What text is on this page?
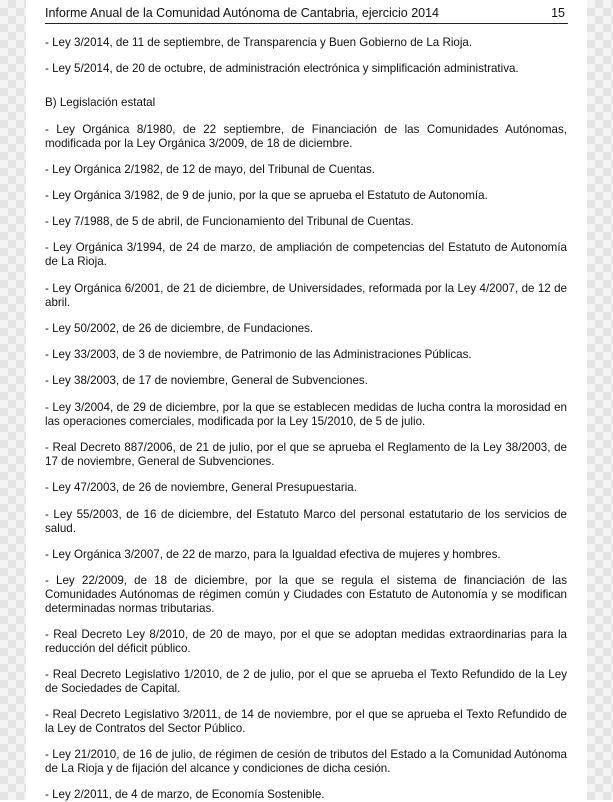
Informe Anual de la Comunidad Autónoma de Cantabria, ejercicio 2014	15

- Ley 3/2014, de 11 de septiembre, de Transparencia y Buen Gobierno de La Rioja.

- Ley 5/2014, de 20 de octubre, de administración electrónica y simplificación administrativa.

B) Legislación estatal

- Ley Orgánica 8/1980, de 22 septiembre, de Financiación de las Comunidades Autónomas, modificada por la Ley Orgánica 3/2009, de 18 de diciembre.

- Ley Orgánica 2/1982, de 12 de mayo, del Tribunal de Cuentas.

- Ley Orgánica 3/1982, de 9 de junio, por la que se aprueba el Estatuto de Autonomía.

- Ley 7/1988, de 5 de abril, de Funcionamiento del Tribunal de Cuentas.

- Ley Orgánica 3/1994, de 24 de marzo, de ampliación de competencias del Estatuto de Autonomía de La Rioja.

- Ley Orgánica 6/2001, de 21 de diciembre, de Universidades, reformada por la Ley 4/2007, de 12 de abril.

- Ley 50/2002, de 26 de diciembre, de Fundaciones.

- Ley 33/2003, de 3 de noviembre, de Patrimonio de las Administraciones Públicas.

- Ley 38/2003, de 17 de noviembre, General de Subvenciones.

- Ley 3/2004, de 29 de diciembre, por la que se establecen medidas de lucha contra la morosidad en las operaciones comerciales, modificada por la Ley 15/2010, de 5 de julio.

- Real Decreto 887/2006, de 21 de julio, por el que se aprueba el Reglamento de la Ley 38/2003, de 17 de noviembre, General de Subvenciones.

- Ley 47/2003, de 26 de noviembre, General Presupuestaria.

- Ley 55/2003, de 16 de diciembre, del Estatuto Marco del personal estatutario de los servicios de salud.

- Ley Orgánica 3/2007, de 22 de marzo, para la Igualdad efectiva de mujeres y hombres.

- Ley 22/2009, de 18 de diciembre, por la que se regula el sistema de financiación de las Comunidades Autónomas de régimen común y Ciudades con Estatuto de Autonomía y se modifican determinadas normas tributarias.

- Real Decreto Ley 8/2010, de 20 de mayo, por el que se adoptan medidas extraordinarias para la reducción del déficit público.

- Real Decreto Legislativo 1/2010, de 2 de julio, por el que se aprueba el Texto Refundido de la Ley de Sociedades de Capital.

- Real Decreto Legislativo 3/2011, de 14 de noviembre, por el que se aprueba el Texto Refundido de la Ley de Contratos del Sector Público.

- Ley 21/2010, de 16 de julio, de régimen de cesión de tributos del Estado a la Comunidad Autónoma de La Rioja y de fijación del alcance y condiciones de dicha cesión.

- Ley 2/2011, de 4 de marzo, de Economía Sostenible.
